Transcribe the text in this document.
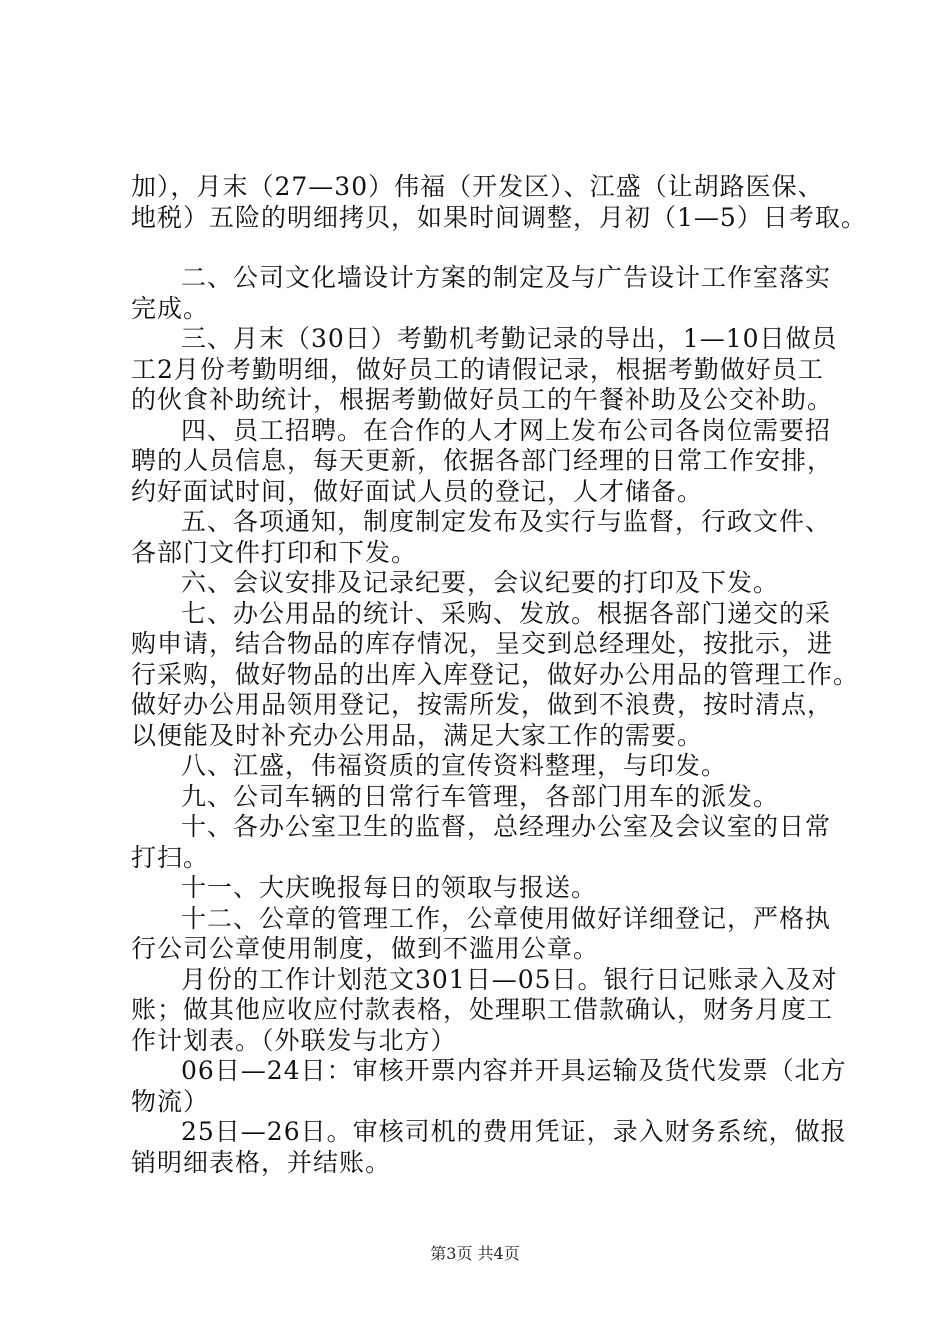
加），月末（27—30）伟福（开发区）、江盛（让胡路医保、
地税）五险的明细拷贝，如果时间调整，月初（1—5）日考取。
二、公司文化墙设计方案的制定及与广告设计工作室落实
完成。
三、月末（30日）考勤机考勤记录的导出，1—10日做员
工2月份考勤明细，做好员工的请假记录，根据考勤做好员工
的伙食补助统计，根据考勤做好员工的午餐补助及公交补助。
四、员工招聘。在合作的人才网上发布公司各岗位需要招
聘的人员信息，每天更新，依据各部门经理的日常工作安排，
约好面试时间，做好面试人员的登记，人才储备。
五、各项通知，制度制定发布及实行与监督，行政文件、
各部门文件打印和下发。
六、会议安排及记录纪要，会议纪要的打印及下发。
七、办公用品的统计、采购、发放。根据各部门递交的采
购申请，结合物品的库存情况，呈交到总经理处，按批示，进
行采购，做好物品的出库入库登记，做好办公用品的管理工作。
做好办公用品领用登记，按需所发，做到不浪费，按时清点，
以便能及时补充办公用品，满足大家工作的需要。
八、江盛，伟福资质的宣传资料整理，与印发。
九、公司车辆的日常行车管理，各部门用车的派发。
十、各办公室卫生的监督，总经理办公室及会议室的日常
打扫。
十一、大庆晚报每日的领取与报送。
十二、公章的管理工作，公章使用做好详细登记，严格执
行公司公章使用制度，做到不滥用公章。
月份的工作计划范文301日—05日。银行日记账录入及对
账；做其他应收应付款表格，处理职工借款确认，财务月度工
作计划表。（外联发与北方）
06日—24日：审核开票内容并开具运输及货代发票（北方
物流）
25日—26日。审核司机的费用凭证，录入财务系统，做报
销明细表格，并结账。
第3页 共4页
